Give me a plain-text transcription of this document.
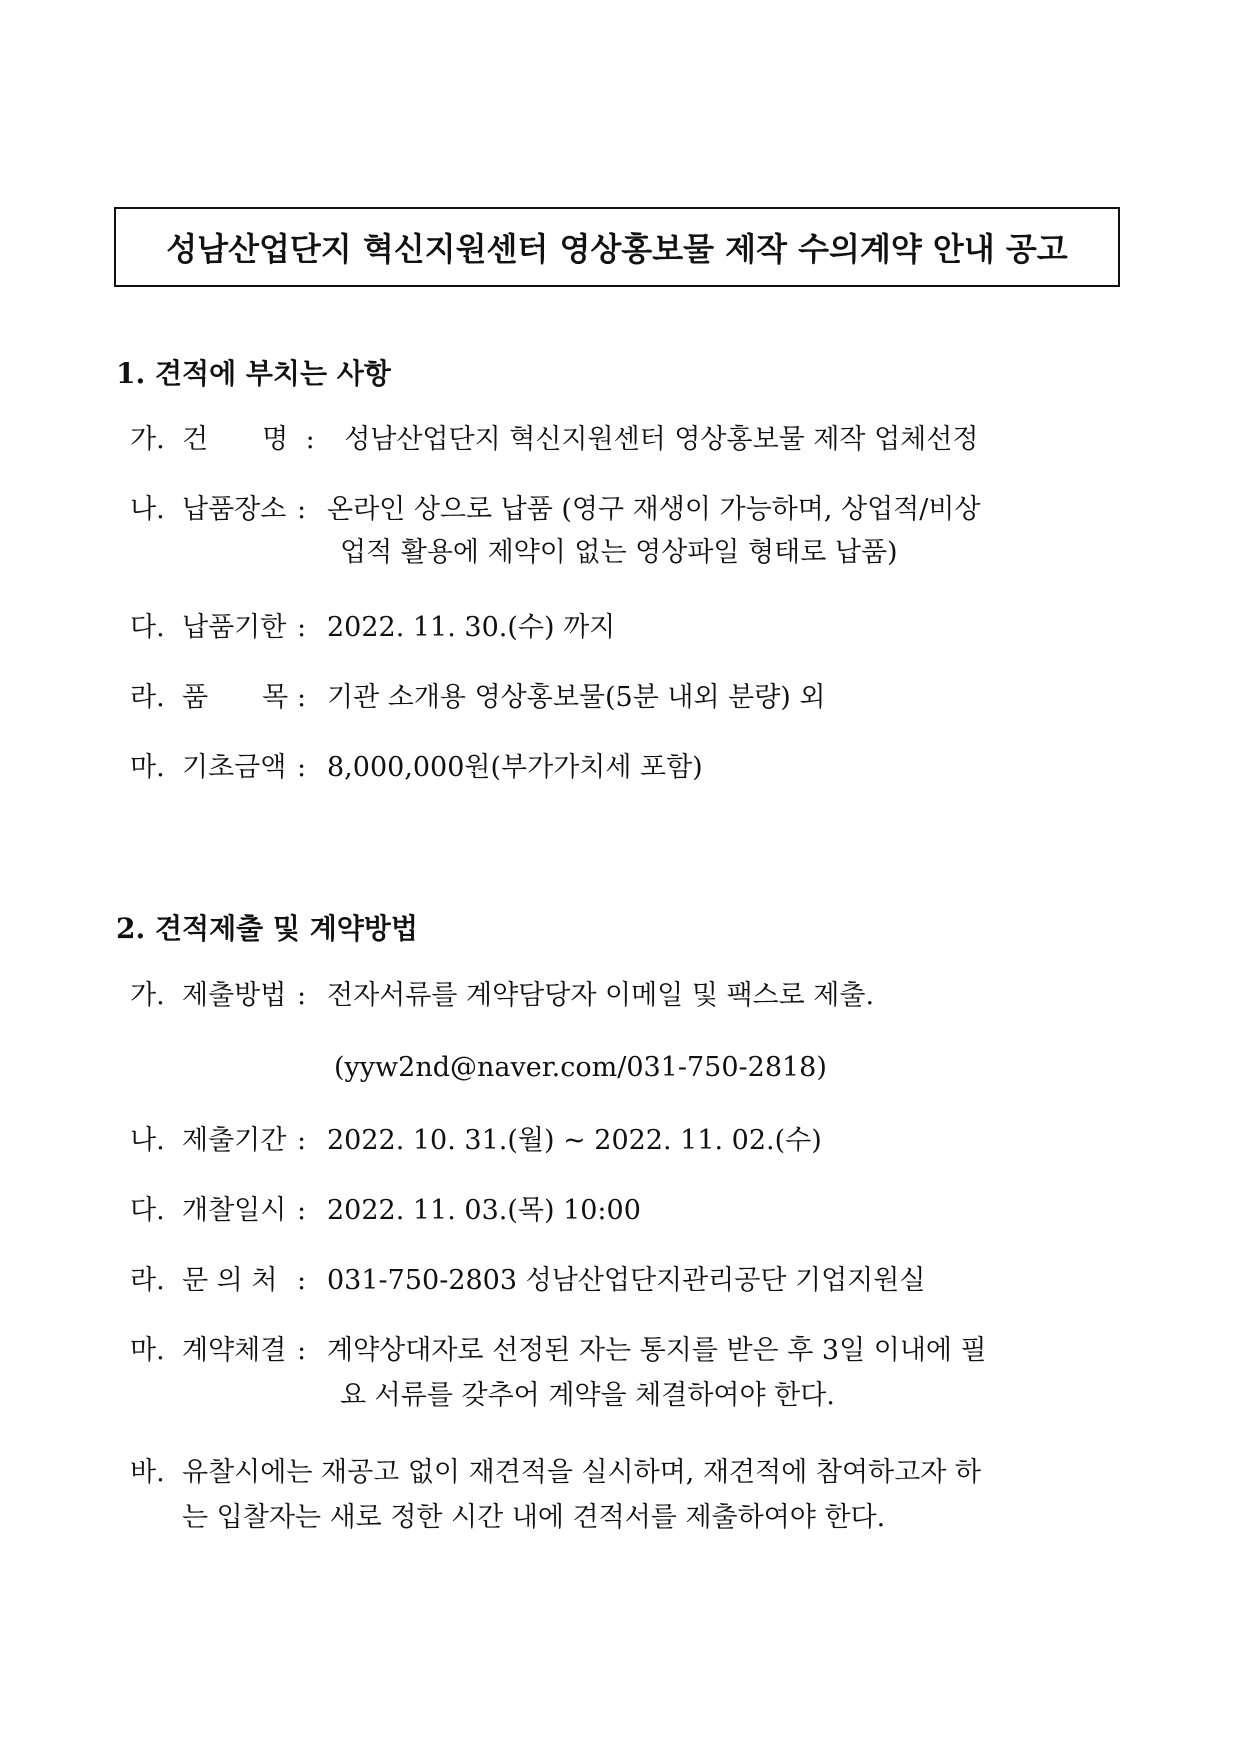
성남산업단지 혁신지원센터 영상홍보물 제작 수의계약 안내 공고
1. 견적에 부치는 사항
가. 건　　명 : 성남산업단지 혁신지원센터 영상홍보물 제작 업체선정
나. 납품장소 : 온라인 상으로 납품 (영구 재생이 가능하며, 상업적/비상
업적 활용에 제약이 없는 영상파일 형태로 납품)
다. 납품기한 : 2022. 11. 30.(수) 까지
라. 품　　목 : 기관 소개용 영상홍보물(5분 내외 분량) 외
마. 기초금액 : 8,000,000원(부가가치세 포함)
2. 견적제출 및 계약방법
가. 제출방법 : 전자서류를 계약담당자 이메일 및 팩스로 제출.
(yyw2nd@naver.com/031-750-2818)
나. 제출기간 : 2022. 10. 31.(월) ~ 2022. 11. 02.(수)
다. 개찰일시 : 2022. 11. 03.(목) 10:00
라. 문 의 처 : 031-750-2803 성남산업단지관리공단 기업지원실
마. 계약체결 : 계약상대자로 선정된 자는 통지를 받은 후 3일 이내에 필
요 서류를 갖추어 계약을 체결하여야 한다.
바. 유찰시에는 재공고 없이 재견적을 실시하며, 재견적에 참여하고자 하
는 입찰자는 새로 정한 시간 내에 견적서를 제출하여야 한다.
